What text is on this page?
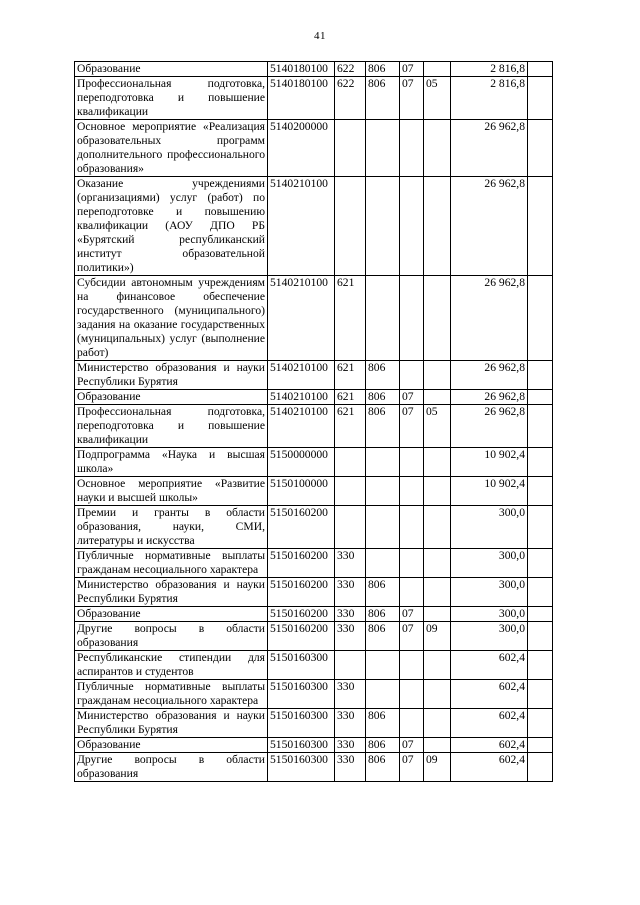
41
Образование	5140180100	622	806	07		2 816,8	
Профессиональная подготовка, переподготовка и повышение квалификации	5140180100	622	806	07	05	2 816,8	
Основное мероприятие «Реализация образовательных программ дополнительного профессионального образования»	5140200000					26 962,8	
Оказание учреждениями (организациями) услуг (работ) по переподготовке и повышению квалификации (АОУ ДПО РБ «Бурятский республиканский институт образовательной политики»)	5140210100					26 962,8	
Субсидии автономным учреждениям на финансовое обеспечение государственного (муниципального) задания на оказание государственных (муниципальных) услуг (выполнение работ)	5140210100	621				26 962,8	
Министерство образования и науки Республики Бурятия	5140210100	621	806			26 962,8	
Образование	5140210100	621	806	07		26 962,8	
Профессиональная подготовка, переподготовка и повышение квалификации	5140210100	621	806	07	05	26 962,8	
Подпрограмма «Наука и высшая школа»	5150000000					10 902,4	
Основное мероприятие «Развитие науки и высшей школы»	5150100000					10 902,4	
Премии и гранты в области образования, науки, СМИ, литературы и искусства	5150160200					300,0	
Публичные нормативные выплаты гражданам несоциального характера	5150160200	330				300,0	
Министерство образования и науки Республики Бурятия	5150160200	330	806			300,0	
Образование	5150160200	330	806	07		300,0	
Другие вопросы в области образования	5150160200	330	806	07	09	300,0	
Республиканские стипендии для аспирантов и студентов	5150160300					602,4	
Публичные нормативные выплаты гражданам несоциального характера	5150160300	330				602,4	
Министерство образования и науки Республики Бурятия	5150160300	330	806			602,4	
Образование	5150160300	330	806	07		602,4	
Другие вопросы в области образования	5150160300	330	806	07	09	602,4	
